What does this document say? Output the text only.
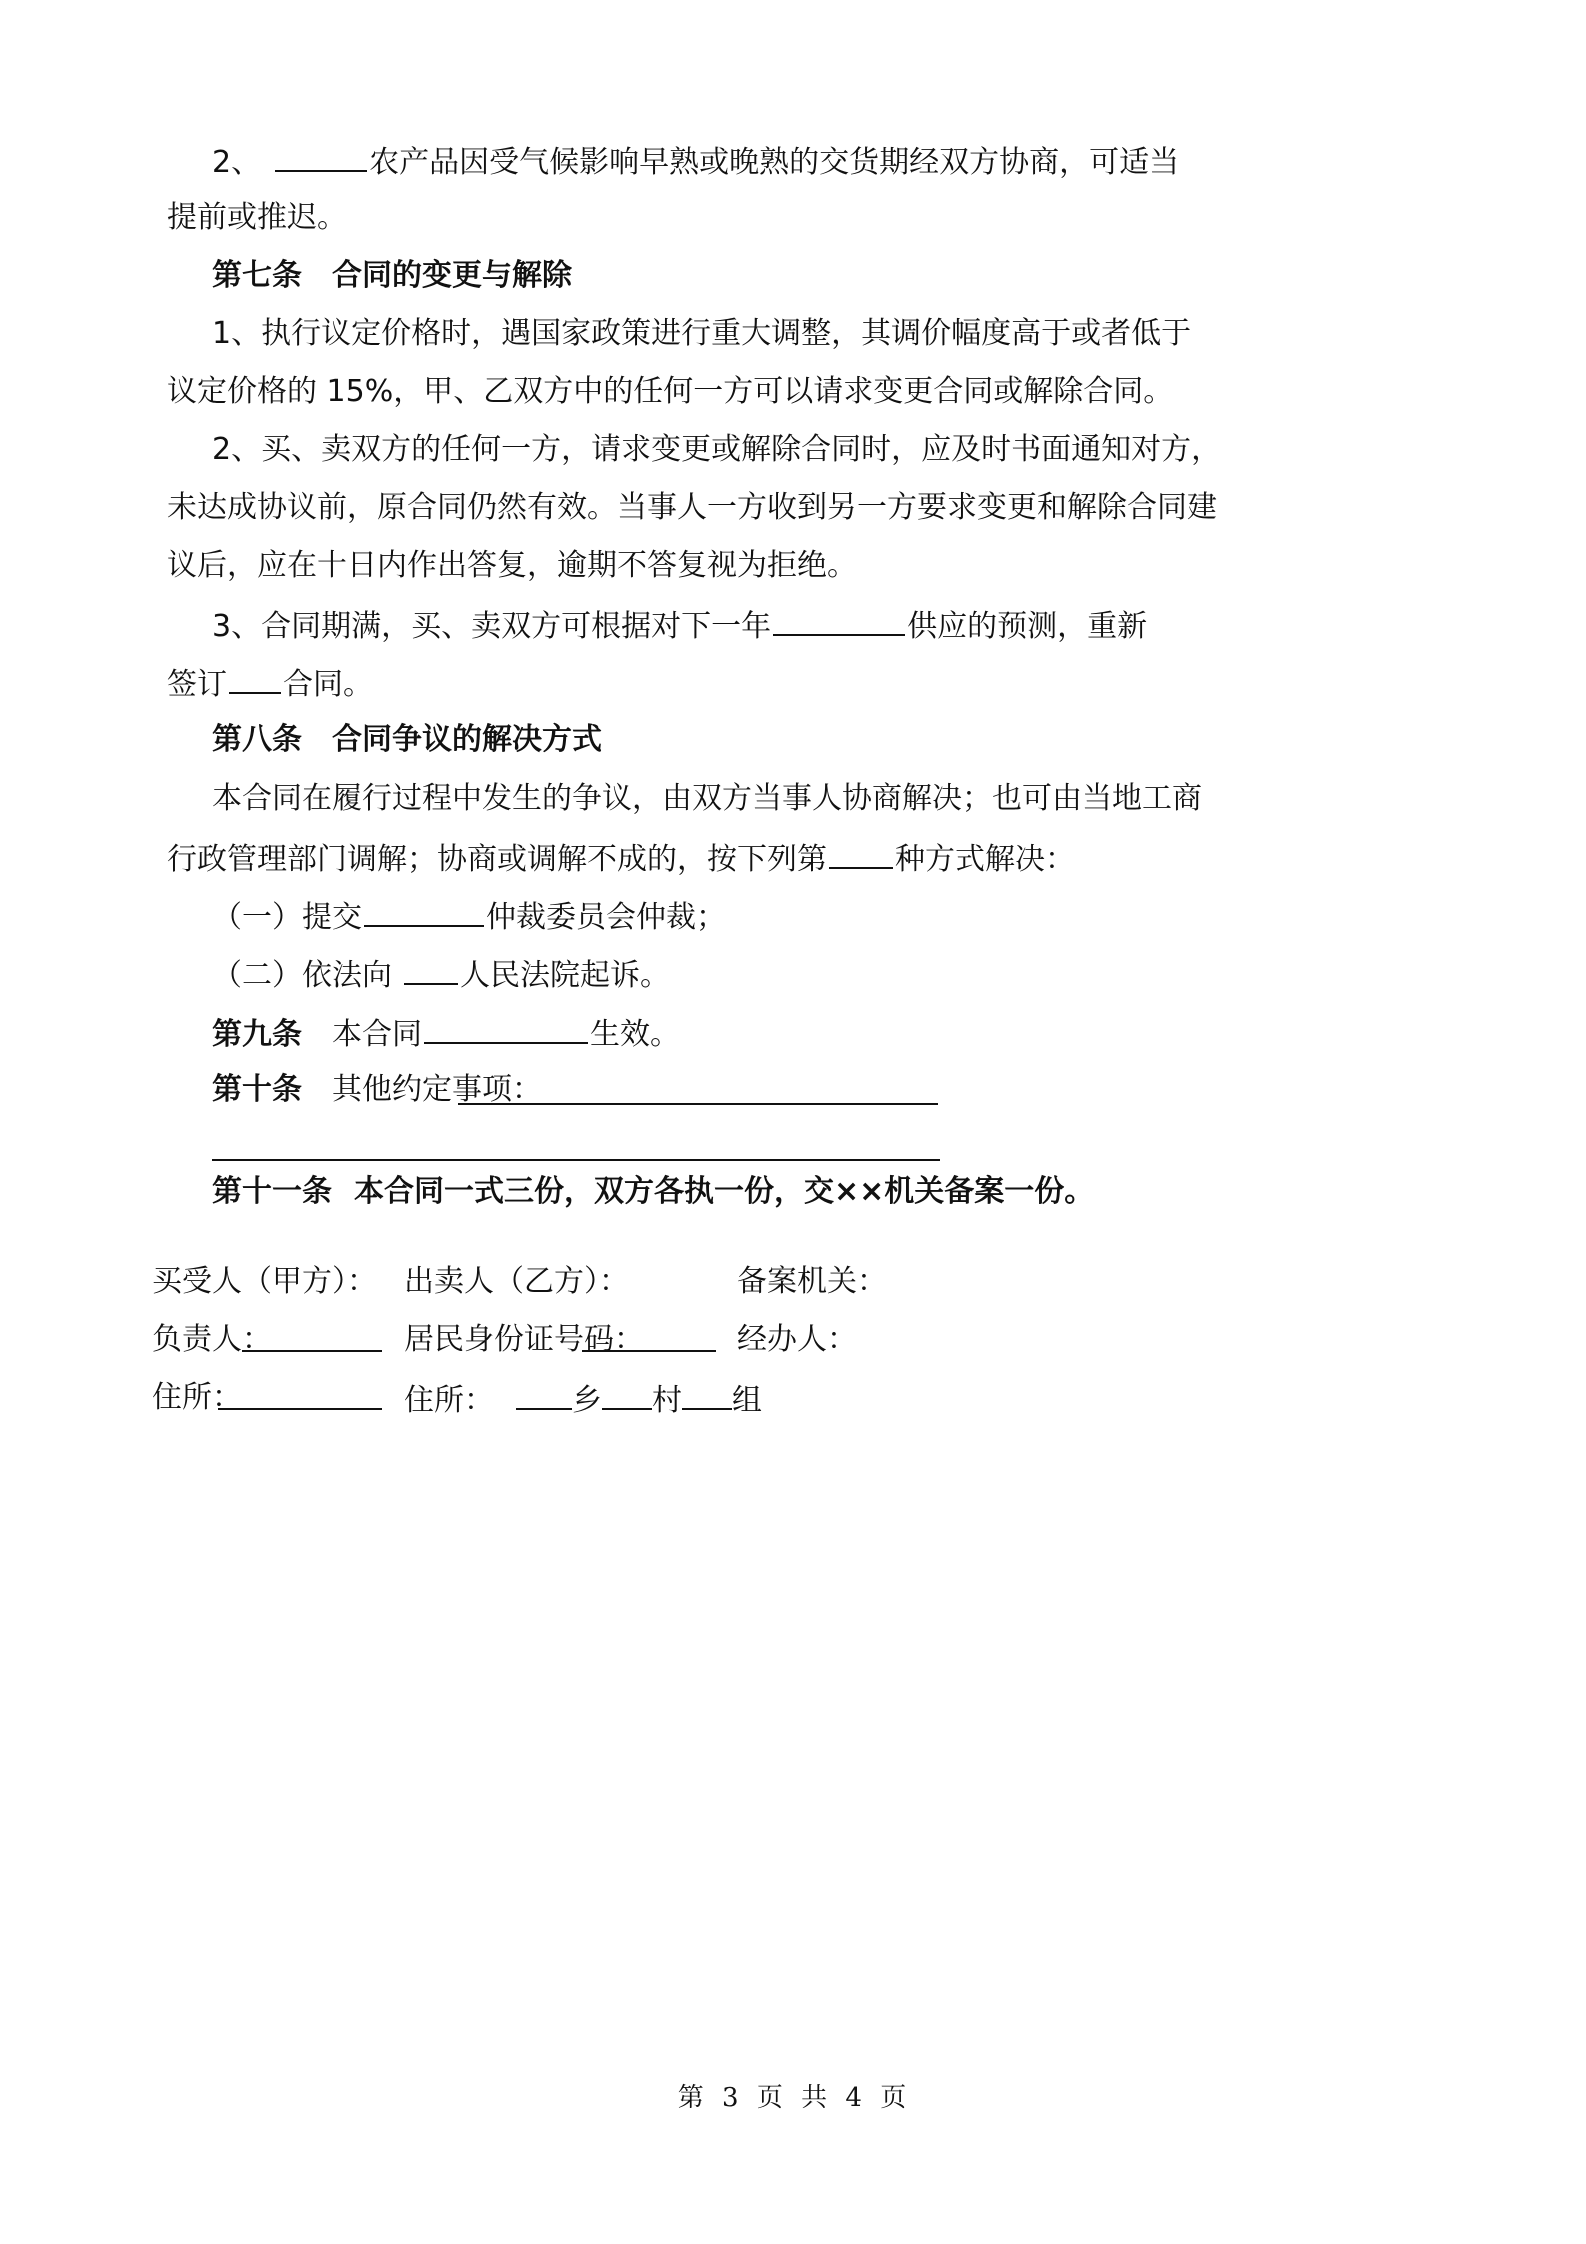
2、	农产品因受气候影响早熟或晚熟的交货期经双方协商，可适当
提前或推迟。
第七条　合同的变更与解除
1、执行议定价格时，遇国家政策进行重大调整，其调价幅度高于或者低于
议定价格的 15%，甲、乙双方中的任何一方可以请求变更合同或解除合同。
2、买、卖双方的任何一方，请求变更或解除合同时，应及时书面通知对方，
未达成协议前，原合同仍然有效。当事人一方收到另一方要求变更和解除合同建
议后，应在十日内作出答复，逾期不答复视为拒绝。
3、合同期满，买、卖双方可根据对下一年	供应的预测，重新
签订 合同。
第八条　合同争议的解决方式
本合同在履行过程中发生的争议，由双方当事人协商解决；也可由当地工商
行政管理部门调解；协商或调解不成的，按下列第 种方式解决：
（一）提交	仲裁委员会仲裁；
（二）依法向 人民法院起诉。
第九条 本合同	生效。
第十条 其他约定事项：
第十一条 本合同一式三份，双方各执一份，交××机关备案一份。
买受人（甲方）： 出卖人（乙方）：	备案机关：
负责人：	居民身份证号码：	经办人：
住所：	住所：	乡 村 组
第 3 页 共 4 页
